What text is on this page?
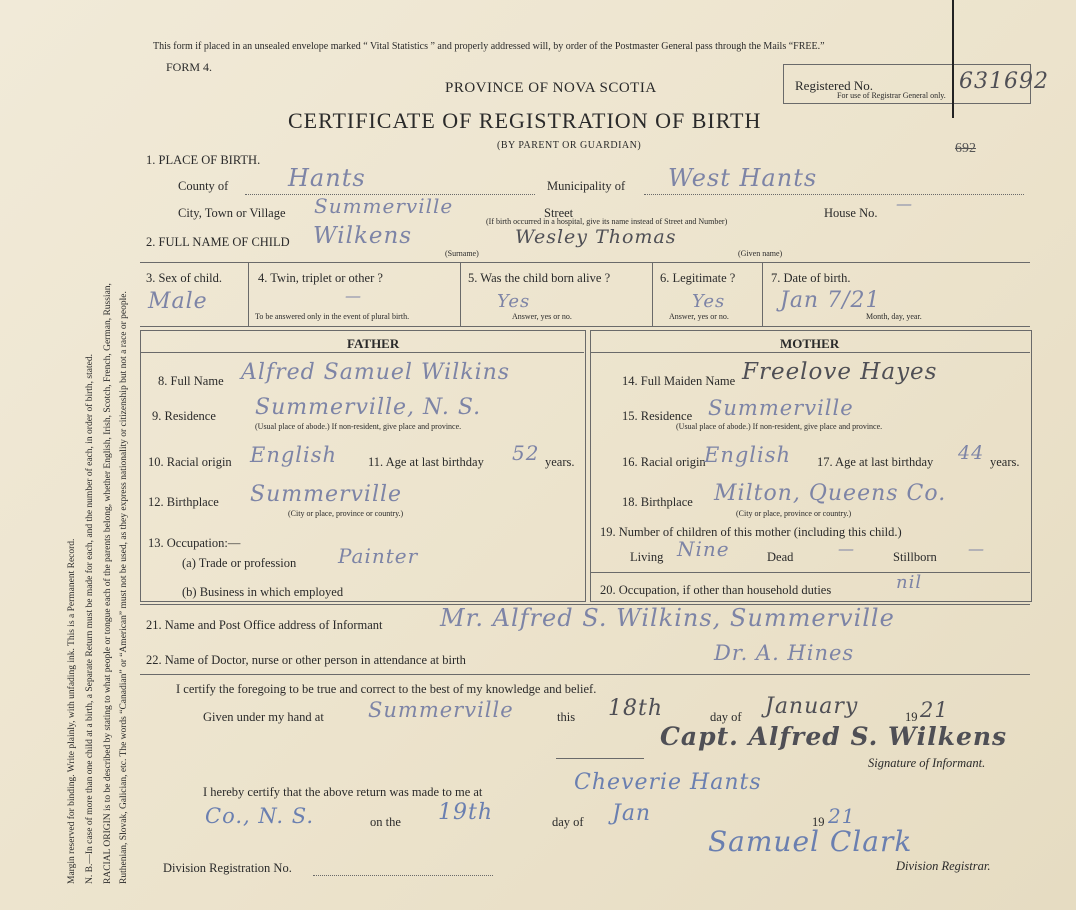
Margin reserved for binding. Write plainly, with unfading ink. This is a Permanent Record. N. B.—In case of more than one child at a birth, a Separate Return must be made for each, and the number of each, in order of birth, stated. RACIAL ORIGIN is to be described by stating to what people or tongue each of the parents belong, whether English, Irish, Scotch, French, German, Russian, Ruthenian, Slovak, Galician, etc. The words “Canadian” or “American” must not be used, as they express nationality or citizenship but not a race or people.
This form if placed in an unsealed envelope marked “ Vital Statistics ” and properly addressed will, by order of the Postmaster General pass through the Mails “FREE.”
FORM 4.
PROVINCE OF NOVA SCOTIA
CERTIFICATE OF REGISTRATION OF BIRTH
(BY PARENT OR GUARDIAN)
Registered No.
For use of Registrar General only.
631692
692
1. PLACE OF BIRTH.
County of Hants	Municipality of West Hants
City, Town or Village Summerville	Street
(If birth occurred in a hospital, give its name instead of Street and Number)
House No. —
2. FULL NAME OF CHILD Wilkens	Wesley Thomas
(Surname)	(Given name)
3. Sex of child.
Male
4. Twin, triplet or other ?
—
To be answered only in the event of plural birth.
5. Was the child born alive ?
Yes
Answer, yes or no.
6. Legitimate ?
Yes
Answer, yes or no.
7. Date of birth.
Jan 7/21
Month, day, year.
FATHER	MOTHER
8. Full Name Alfred Samuel Wilkins
9. Residence Summerville, N. S.
(Usual place of abode.) If non-resident, give place and province.
10. Racial origin English 11. Age at last birthday 52 years.
12. Birthplace Summerville
(City or place, province or country.)
13. Occupation:—
(a) Trade or profession Painter
(b) Business in which employed
14. Full Maiden Name Freelove Hayes
15. Residence Summerville
(Usual place of abode.) If non-resident, give place and province.
16. Racial origin
English 17. Age at last birthday 44 years.
18. Birthplace Milton, Queens Co.
(City or place, province or country.)
19. Number of children of this mother (including this child.)
Living Nine	Dead	—	Stillborn —
20. Occupation, if other than household duties	nil
21. Name and Post Office address of Informant Mr. Alfred S. Wilkins, Summerville
22. Name of Doctor, nurse or other person in attendance at birth	Dr. A. Hines
I certify the foregoing to be true and correct to the best of my knowledge and belief.
Given under my hand at Summerville	this 18th	day of January	19 21
Capt. Alfred S. Wilkens
Signature of Informant.
I hereby certify that the above return was made to me at	Cheverie Hants
Co., N. S.	on the 19th	day of Jan	19 21
Samuel Clark
Division Registrar.
Division Registration No.
